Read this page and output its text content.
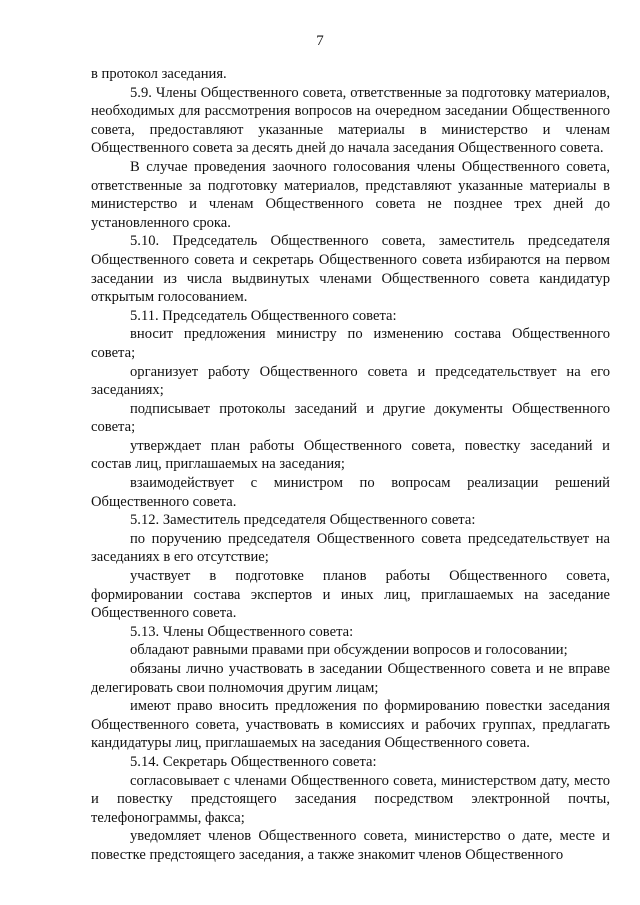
7

в протокол заседания.

5.9. Члены Общественного совета, ответственные за подготовку материалов, необходимых для рассмотрения вопросов на очередном заседании Общественного совета, предоставляют указанные материалы в министерство и членам Общественного совета за десять дней до начала заседания Общественного совета.

В случае проведения заочного голосования члены Общественного совета, ответственные за подготовку материалов, представляют указанные материалы в министерство и членам Общественного совета не позднее трех дней до установленного срока.

5.10. Председатель Общественного совета, заместитель председателя Общественного совета и секретарь Общественного совета избираются на первом заседании из числа выдвинутых членами Общественного совета кандидатур открытым голосованием.

5.11. Председатель Общественного совета:

вносит предложения министру по изменению состава Общественного совета;

организует работу Общественного совета и председательствует на его заседаниях;

подписывает протоколы заседаний и другие документы Общественного совета;

утверждает план работы Общественного совета, повестку заседаний и состав лиц, приглашаемых на заседания;

взаимодействует с министром по вопросам реализации решений Общественного совета.

5.12. Заместитель председателя Общественного совета:

по поручению председателя Общественного совета председательствует на заседаниях в его отсутствие;

участвует в подготовке планов работы Общественного совета, формировании состава экспертов и иных лиц, приглашаемых на заседание Общественного совета.

5.13. Члены Общественного совета:

обладают равными правами при обсуждении вопросов и голосовании;

обязаны лично участвовать в заседании Общественного совета и не вправе делегировать свои полномочия другим лицам;

имеют право вносить предложения по формированию повестки заседания Общественного совета, участвовать в комиссиях и рабочих группах, предлагать кандидатуры лиц, приглашаемых на заседания Общественного совета.

5.14. Секретарь Общественного совета:

согласовывает с членами Общественного совета, министерством дату, место и повестку предстоящего заседания посредством электронной почты, телефонограммы, факса;

уведомляет членов Общественного совета, министерство о дате, месте и повестке предстоящего заседания, а также знакомит членов Общественного
